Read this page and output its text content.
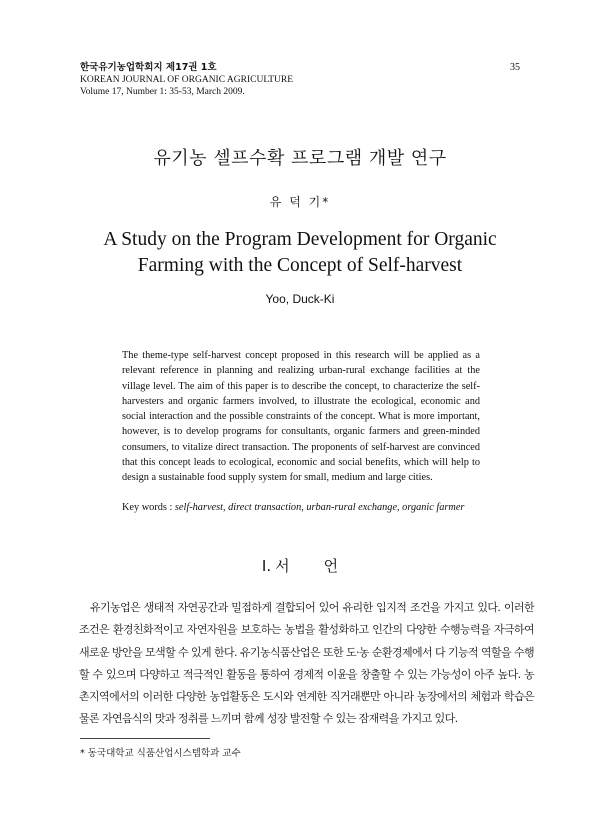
한국유기농업학회지 제17권 1호
KOREAN JOURNAL OF ORGANIC AGRICULTURE
Volume 17, Number 1: 35-53, March 2009.
35
유기농 셀프수확 프로그램 개발 연구
유 덕 기*
A Study on the Program Development for Organic
Farming with the Concept of Self-harvest
Yoo, Duck-Ki

The theme-type self-harvest concept proposed in this research will be applied as a relevant reference in planning and realizing urban-rural exchange facilities at the village level. The aim of this paper is to describe the concept, to characterize the self-harvesters and organic farmers involved, to illustrate the ecological, economic and social interaction and the possible constraints of the concept. What is more important, however, is to develop programs for consultants, organic farmers and green-minded consumers, to vitalize direct transaction. The proponents of self-harvest are convinced that this concept leads to ecological, economic and social benefits, which will help to design a sustainable food supply system for small, medium and large cities.

Key words : self-harvest, direct transaction, urban-rural exchange, organic farmer
Ⅰ. 서 언

유기농업은 생태적 자연공간과 밀접하게 결합되어 있어 유리한 입지적 조건을 가지고 있다. 이러한 조건은 환경친화적이고 자연자원을 보호하는 농법을 활성화하고 인간의 다양한 수행능력을 자극하여 새로운 방안을 모색할 수 있게 한다. 유기농식품산업은 또한 도·농 순환경제에서 다 기능적 역할을 수행할 수 있으며 다양하고 적극적인 활동을 통하여 경제적 이윤을 창출할 수 있는 가능성이 아주 높다. 농촌지역에서의 이러한 다양한 농업활동은 도시와 연계한 직거래뿐만 아니라 농장에서의 체험과 학습은 물론 자연음식의 맛과 정취를 느끼며 함께 성장 발전할 수 있는 잠재력을 가지고 있다.

* 동국대학교 식품산업시스템학과 교수
